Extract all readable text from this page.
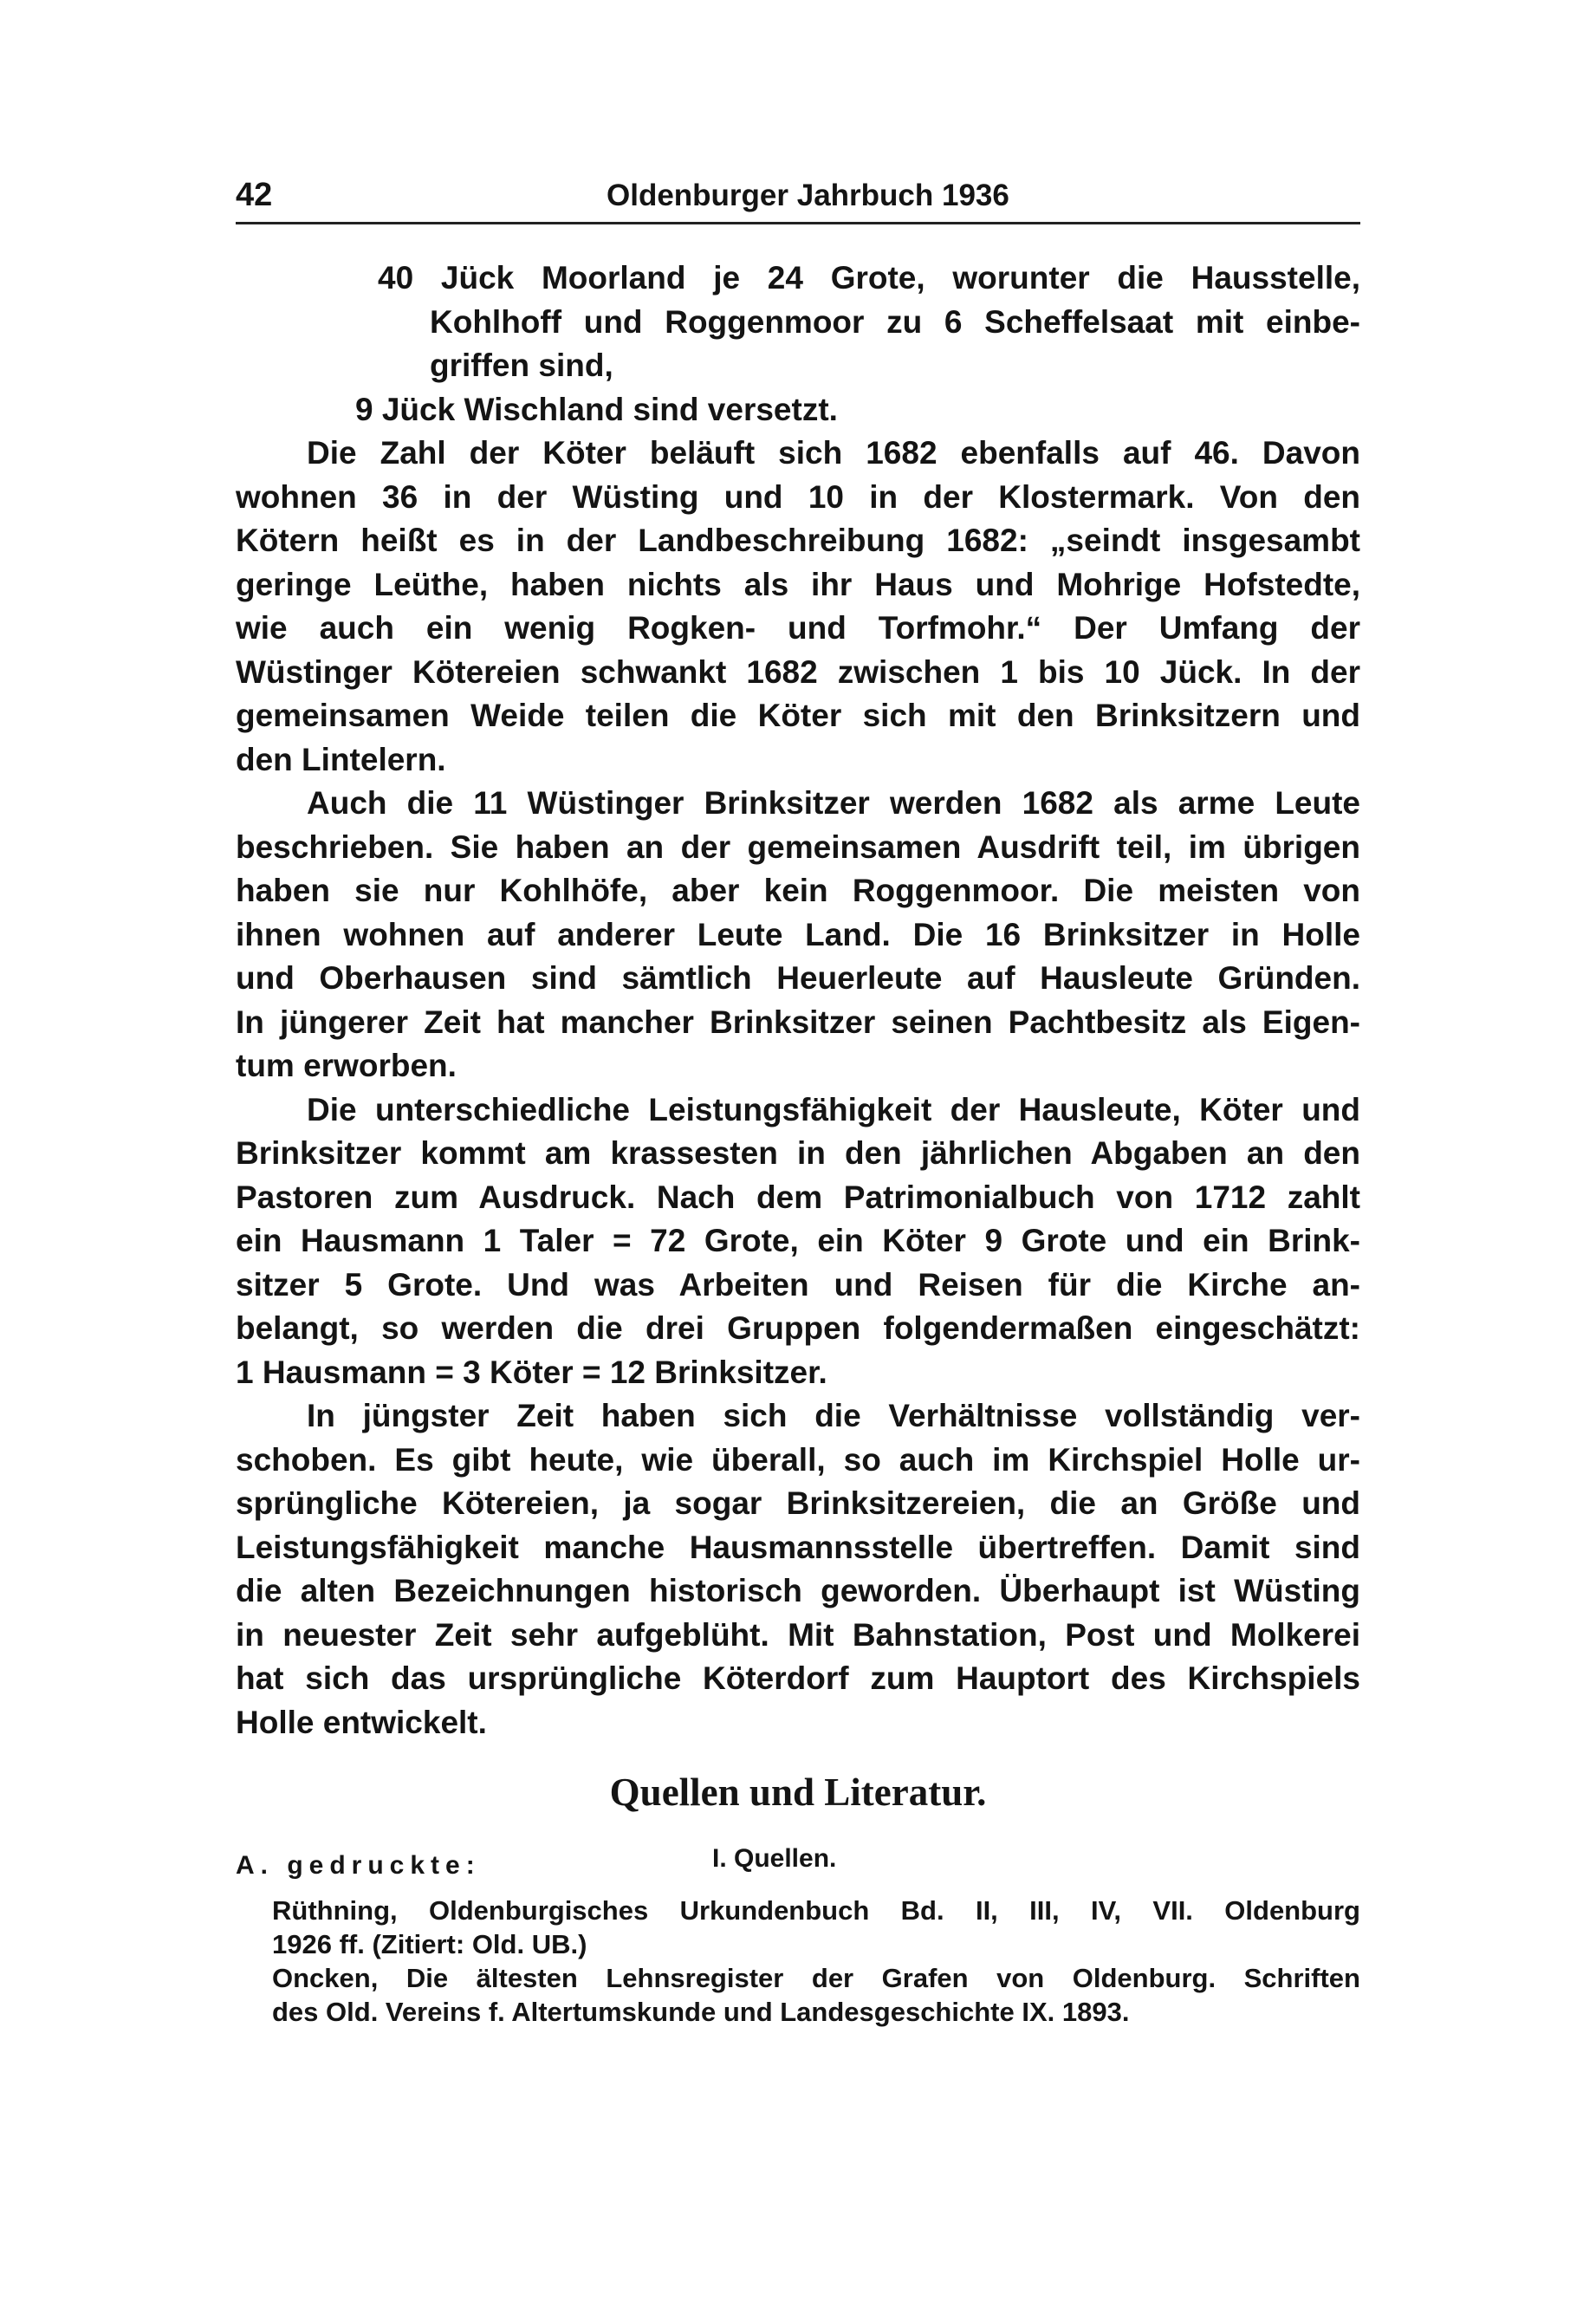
42	Oldenburger Jahrbuch 1936
40 Jück Moorland je 24 Grote, worunter die Hausstelle,
Kohlhoff und Roggenmoor zu 6 Scheffelsaat mit einbe-
griffen sind,
9 Jück Wischland sind versetzt.
Die Zahl der Köter beläuft sich 1682 ebenfalls auf 46. Davon
wohnen 36 in der Wüsting und 10 in der Klostermark. Von den
Kötern heißt es in der Landbeschreibung 1682: „seindt insgesambt
geringe Leüthe, haben nichts als ihr Haus und Mohrige Hofstedte,
wie auch ein wenig Rogken- und Torfmohr.“ Der Umfang der
Wüstinger Kötereien schwankt 1682 zwischen 1 bis 10 Jück. In der
gemeinsamen Weide teilen die Köter sich mit den Brinksitzern und
den Lintelern.
Auch die 11 Wüstinger Brinksitzer werden 1682 als arme Leute
beschrieben. Sie haben an der gemeinsamen Ausdrift teil, im übrigen
haben sie nur Kohlhöfe, aber kein Roggenmoor. Die meisten von
ihnen wohnen auf anderer Leute Land. Die 16 Brinksitzer in Holle
und Oberhausen sind sämtlich Heuerleute auf Hausleute Gründen.
In jüngerer Zeit hat mancher Brinksitzer seinen Pachtbesitz als Eigen-
tum erworben.
Die unterschiedliche Leistungsfähigkeit der Hausleute, Köter und
Brinksitzer kommt am krassesten in den jährlichen Abgaben an den
Pastoren zum Ausdruck. Nach dem Patrimonialbuch von 1712 zahlt
ein Hausmann 1 Taler = 72 Grote, ein Köter 9 Grote und ein Brink-
sitzer 5 Grote. Und was Arbeiten und Reisen für die Kirche an-
belangt, so werden die drei Gruppen folgendermaßen eingeschätzt:
1 Hausmann = 3 Köter = 12 Brinksitzer.
In jüngster Zeit haben sich die Verhältnisse vollständig ver-
schoben. Es gibt heute, wie überall, so auch im Kirchspiel Holle ur-
sprüngliche Kötereien, ja sogar Brinksitzereien, die an Größe und
Leistungsfähigkeit manche Hausmannsstelle übertreffen. Damit sind
die alten Bezeichnungen historisch geworden. Überhaupt ist Wüsting
in neuester Zeit sehr aufgeblüht. Mit Bahnstation, Post und Molkerei
hat sich das ursprüngliche Köterdorf zum Hauptort des Kirchspiels
Holle entwickelt.
Quellen und Literatur.
I. Quellen.
A. gedruckte:
Rüthning, Oldenburgisches Urkundenbuch Bd. II, III, IV, VII. Oldenburg
1926 ff. (Zitiert: Old. UB.)
Oncken, Die ältesten Lehnsregister der Grafen von Oldenburg. Schriften
des Old. Vereins f. Altertumskunde und Landesgeschichte IX. 1893.
